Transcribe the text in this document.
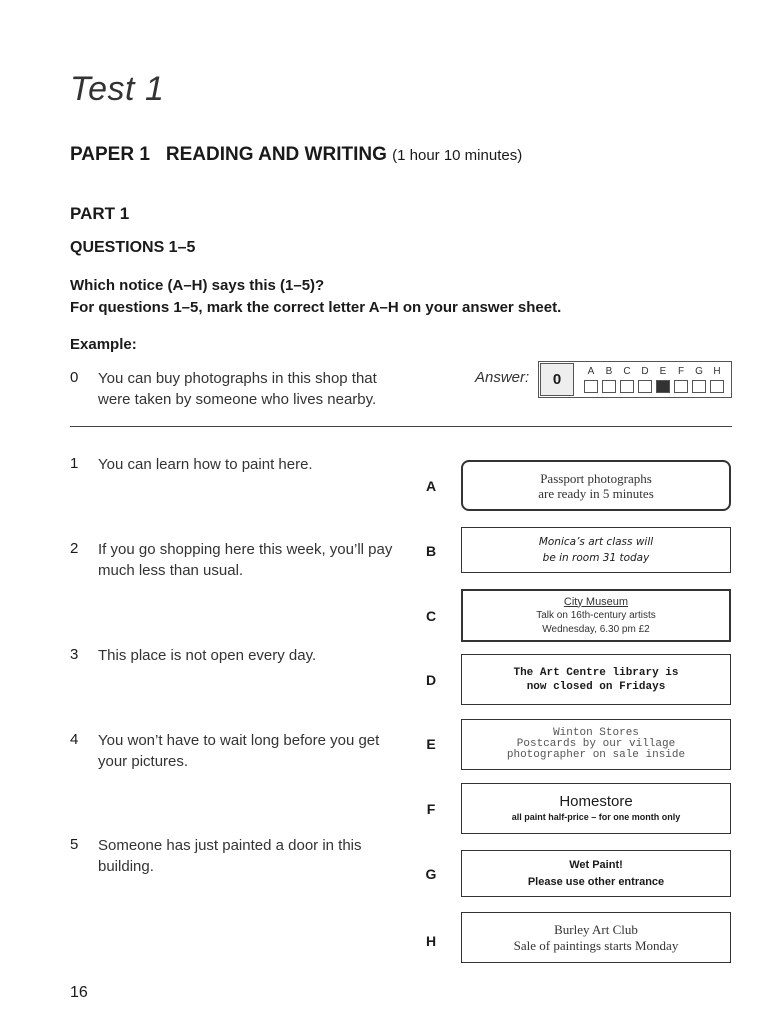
Test 1
PAPER 1 READING AND WRITING (1 hour 10 minutes)
PART 1
QUESTIONS 1–5
Which notice (A–H) says this (1–5)?
For questions 1–5, mark the correct letter A–H on your answer sheet.
Example:
0 You can buy photographs in this shop that were taken by someone who lives nearby.
Answer:	0	A	B	C	D	E	F	G	H
1 You can learn how to paint here.
2 If you go shopping here this week, you’ll pay much less than usual.
3 This place is not open every day.
4 You won’t have to wait long before you get your pictures.
5 Someone has just painted a door in this building.
A
B
C
D
E
F
G
H
Passport photographs
are ready in 5 minutes
Monica’s art class will
be in room 31 today
City Museum
Talk on 16th-century artists
Wednesday, 6.30 pm £2
The Art Centre library is
now closed on Fridays
Winton Stores
Postcards by our village
photographer on sale inside
Homestore
all paint half-price – for one month only
Wet Paint!
Please use other entrance
Burley Art Club
Sale of paintings starts Monday
16
